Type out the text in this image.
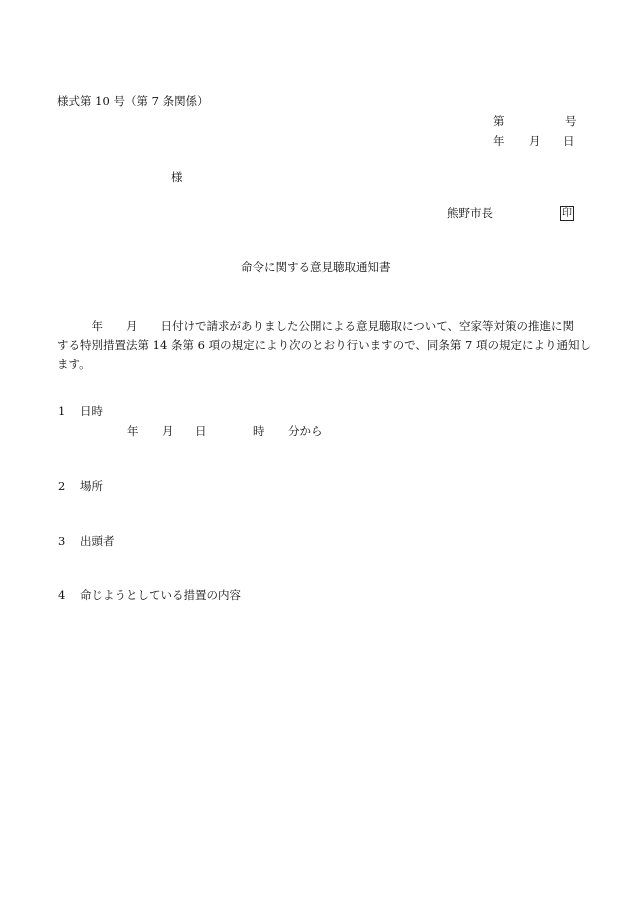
様式第 10 号（第 7 条関係）
第	号
年 月 日
様
熊野市長	印
命令に関する意見聴取通知書
　　　年　　月　　日付けで請求がありました公開による意見聴取について、空家等対策の推進に関
する特別措置法第 14 条第 6 項の規定により次のとおり行いますので、同条第 7 項の規定により通知し
ます。
1 日時
年 月 日	時 分から
2 場所
3 出頭者
4 命じようとしている措置の内容
